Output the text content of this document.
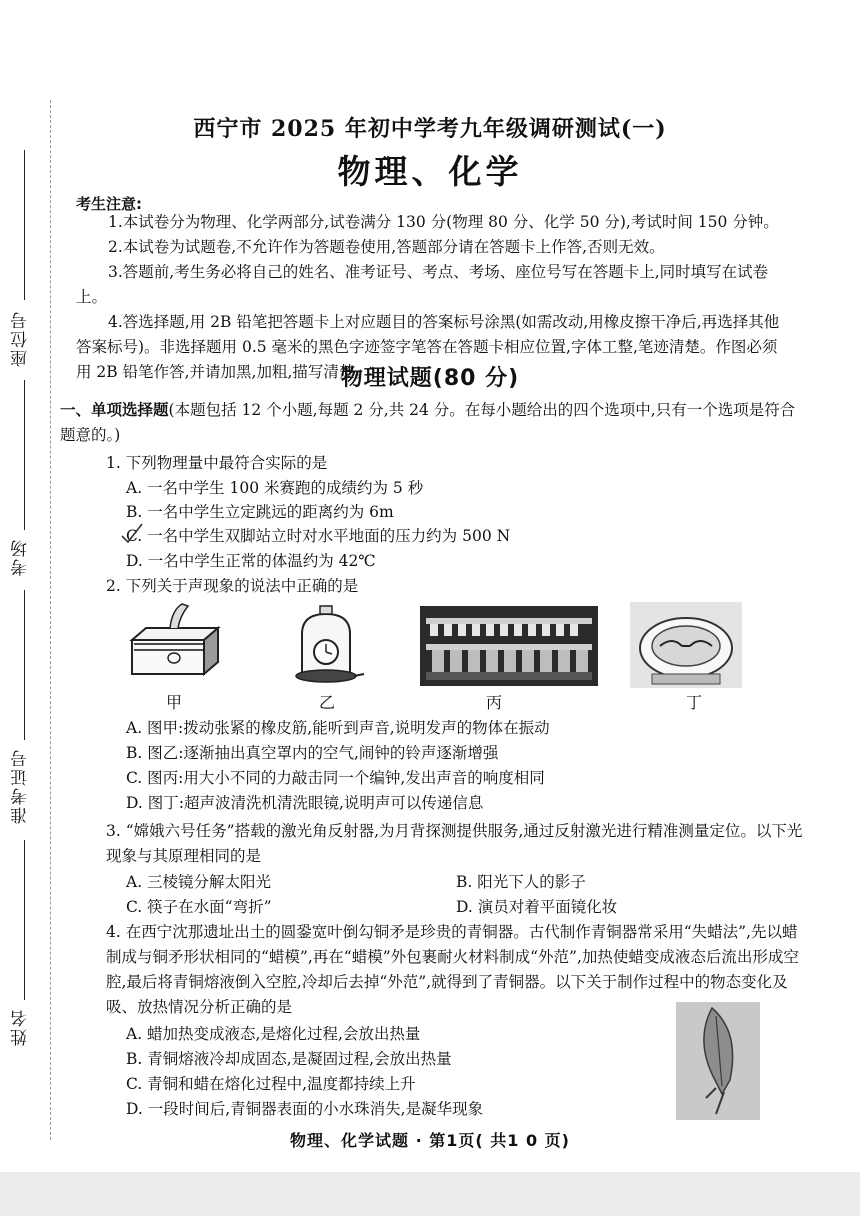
座位号
考场
准考证号
姓名
西宁市 2025 年初中学考九年级调研测试(一)
物理、化学
考生注意:
1.本试卷分为物理、化学两部分,试卷满分 130 分(物理 80 分、化学 50 分),考试时间 150 分钟。
2.本试卷为试题卷,不允许作为答题卷使用,答题部分请在答题卡上作答,否则无效。
3.答题前,考生务必将自己的姓名、准考证号、考点、考场、座位号写在答题卡上,同时填写在试卷上。
4.答选择题,用 2B 铅笔把答题卡上对应题目的答案标号涂黑(如需改动,用橡皮擦干净后,再选择其他答案标号)。非选择题用 0.5 毫米的黑色字迹签字笔答在答题卡相应位置,字体工整,笔迹清楚。作图必须用 2B 铅笔作答,并请加黑,加粗,描写清楚。
物理试题(80 分)
一、单项选择题(本题包括 12 个小题,每题 2 分,共 24 分。在每小题给出的四个选项中,只有一个选项是符合题意的。)
1. 下列物理量中最符合实际的是
A. 一名中学生 100 米赛跑的成绩约为 5 秒
B. 一名中学生立定跳远的距离约为 6m
C. 一名中学生双脚站立时对水平地面的压力约为 500 N
D. 一名中学生正常的体温约为 42℃
2. 下列关于声现象的说法中正确的是
甲	乙	丙	丁
A. 图甲:拨动张紧的橡皮筋,能听到声音,说明发声的物体在振动
B. 图乙:逐渐抽出真空罩内的空气,闹钟的铃声逐渐增强
C. 图丙:用大小不同的力敲击同一个编钟,发出声音的响度相同
D. 图丁:超声波清洗机清洗眼镜,说明声可以传递信息
3. “嫦娥六号任务”搭载的激光角反射器,为月背探测提供服务,通过反射激光进行精准测量定位。以下光现象与其原理相同的是
A. 三棱镜分解太阳光	B. 阳光下人的影子
C. 筷子在水面“弯折”	D. 演员对着平面镜化妆
4. 在西宁沈那遗址出土的圆銎宽叶倒勾铜矛是珍贵的青铜器。古代制作青铜器常采用“失蜡法”,先以蜡制成与铜矛形状相同的“蜡模”,再在“蜡模”外包裹耐火材料制成“外范”,加热使蜡变成液态后流出形成空腔,最后将青铜熔液倒入空腔,冷却后去掉“外范”,就得到了青铜器。以下关于制作过程中的物态变化及吸、放热情况分析正确的是
A. 蜡加热变成液态,是熔化过程,会放出热量
B. 青铜熔液冷却成固态,是凝固过程,会放出热量
C. 青铜和蜡在熔化过程中,温度都持续上升
D. 一段时间后,青铜器表面的小水珠消失,是凝华现象
物理、化学试题 · 第1页( 共1 0 页)
